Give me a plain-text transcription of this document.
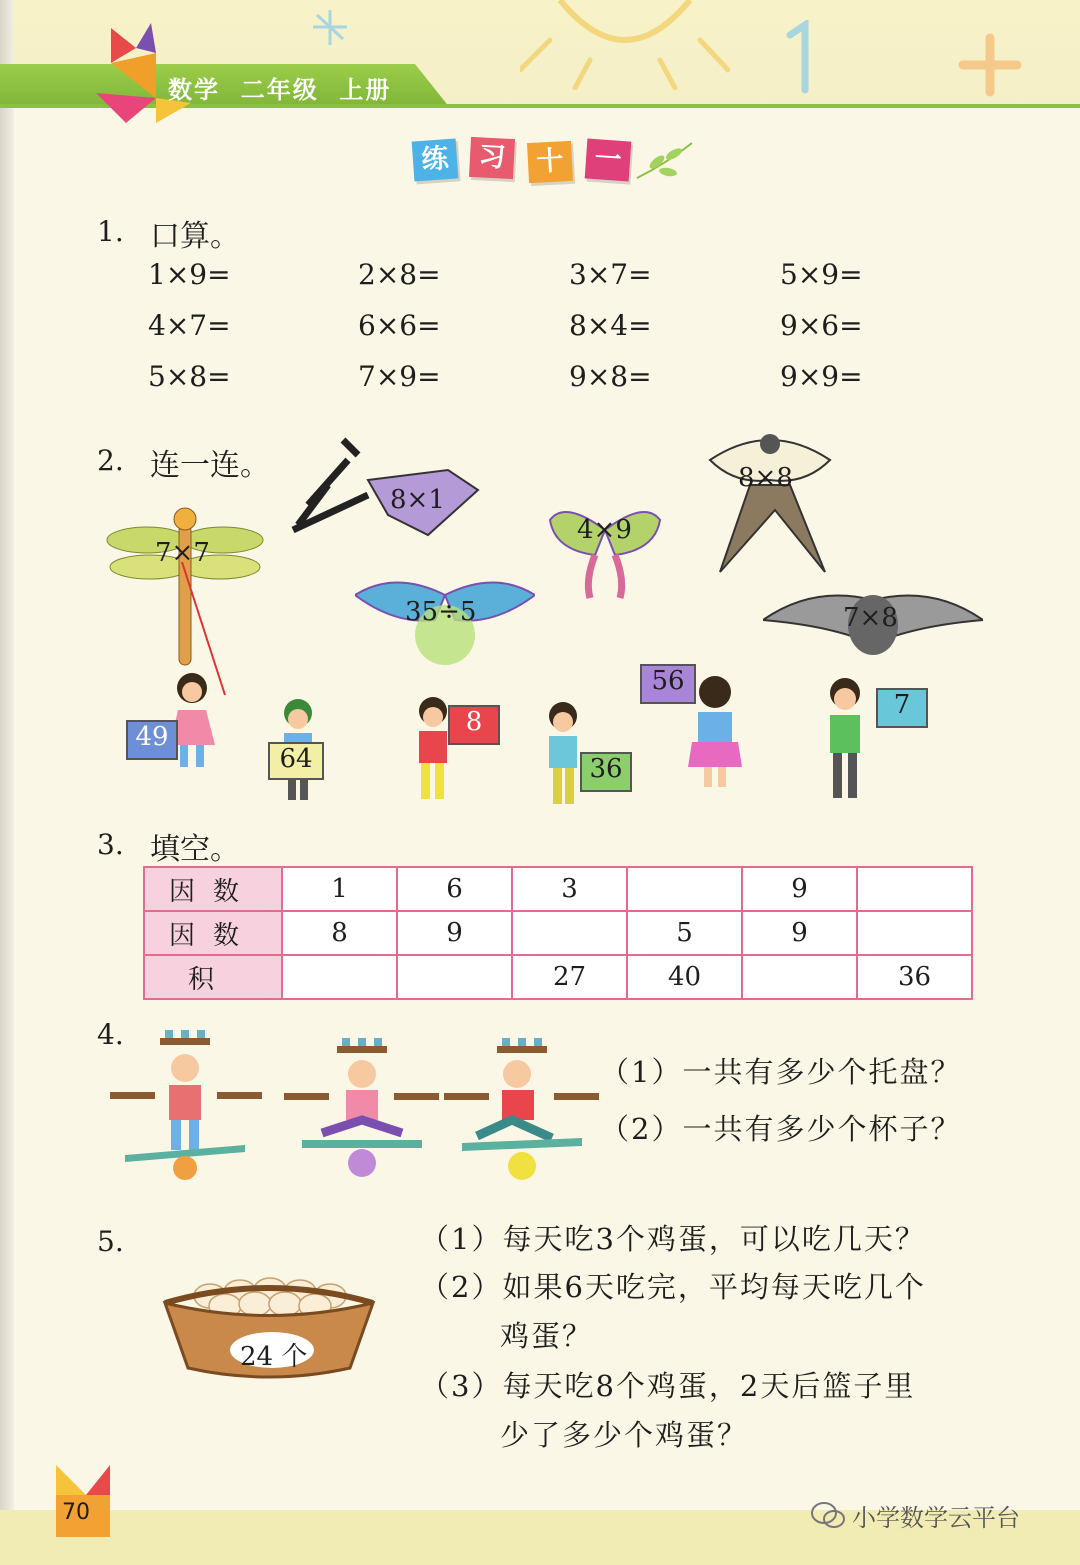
数学  二年级  上册
练	习	十	一
1. 口算。
1×9=	2×8=	3×7=	5×9=
4×7=	6×6=	8×4=	9×6=
5×8=	7×9=	9×8=	9×9=
2. 连一连。
7×7
8×1
4×9
8×8
35÷5	7×8
49
64
8
36
56
7
3. 填空。
因数	1	6	3		9	
因数	8	9		5	9	
积			27	40		36
4.
（1）一共有多少个托盘？
（2）一共有多少个杯子？
5.
24 个
（1）每天吃3个鸡蛋，可以吃几天？
（2）如果6天吃完，平均每天吃几个
鸡蛋？
（3）每天吃8个鸡蛋，2天后篮子里
少了多少个鸡蛋？
70	小学数学云平台
